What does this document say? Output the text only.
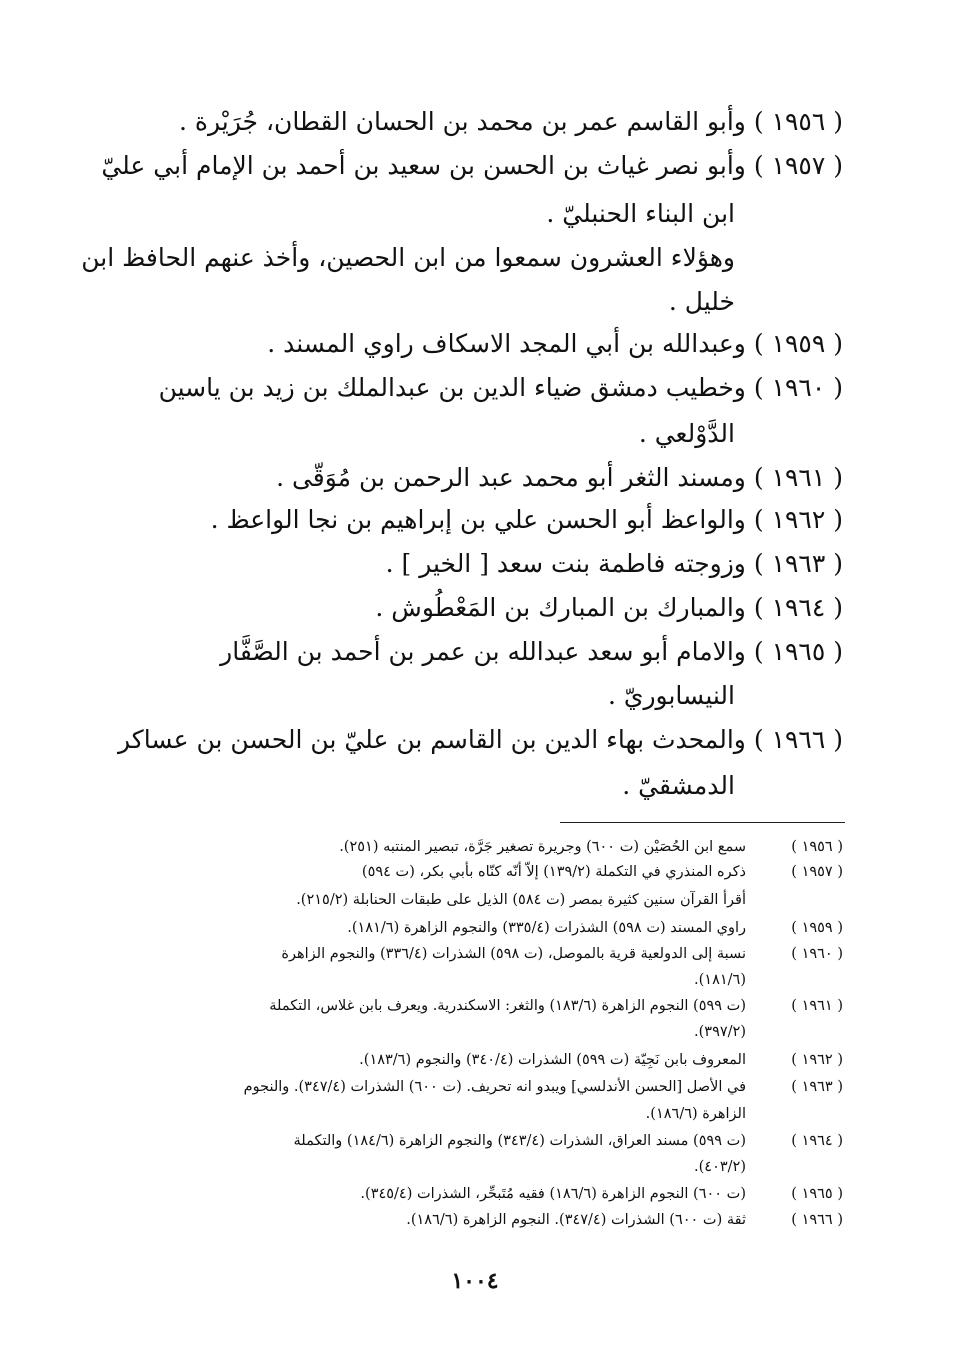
( ١٩٥٦ )وأبو القاسم عمر بن محمد بن الحسان القطان، جُرَيْرة .
( ١٩٥٧ )وأبو نصر غياث بن الحسن بن سعيد بن أحمد بن الإمام أبي عليّ
ابن البناء الحنبليّ .
وهؤلاء العشرون سمعوا من ابن الحصين، وأخذ عنهم الحافظ ابن
خليل .
( ١٩٥٩ )وعبدالله بن أبي المجد الاسكاف راوي المسند .
( ١٩٦٠ )وخطيب دمشق ضياء الدين بن عبدالملك بن زيد بن ياسين
الدَّوْلعي .
( ١٩٦١ )ومسند الثغر أبو محمد عبد الرحمن بن مُوَقّى .
( ١٩٦٢ )والواعظ أبو الحسن علي بن إبراهيم بن نجا الواعظ .
( ١٩٦٣ )وزوجته فاطمة بنت سعد [ الخير ] .
( ١٩٦٤ )والمبارك بن المبارك بن المَعْطُوش .
( ١٩٦٥ )والامام أبو سعد عبدالله بن عمر بن أحمد بن الصَّفَّار
النيسابوريّ .
( ١٩٦٦ )والمحدث بهاء الدين بن القاسم بن عليّ بن الحسن بن عساكر
الدمشقيّ .
( ١٩٥٦ )
سمع ابن الحُصَيْن (ت ٦٠٠) وجريرة تصغير جَرَّة، تبصير المنتبه (٢٥١).
( ١٩٥٧ )
ذكره المنذري في التكملة (١٣٩/٢) إلاّ أنّه كنّاه بأبي بكر، (ت ٥٩٤)
أقرأ القرآن سنين كثيرة بمصر (ت ٥٨٤) الذيل على طبقات الحنابلة (٢١٥/٢).
( ١٩٥٩ )
راوي المسند (ت ٥٩٨) الشذرات (٣٣٥/٤) والنجوم الزاهرة (١٨١/٦).
( ١٩٦٠ )
نسبة إلى الدولعية قرية بالموصل، (ت ٥٩٨) الشذرات (٣٣٦/٤) والنجوم الزاهرة
(١٨١/٦).
( ١٩٦١ )
(ت ٥٩٩) النجوم الزاهرة (١٨٣/٦) والثغر: الاسكندرية. ويعرف بابن غلاس، التكملة
(٣٩٧/٢).
( ١٩٦٢ )
المعروف بابن نَجِيّة (ت ٥٩٩) الشذرات (٣٤٠/٤) والنجوم (١٨٣/٦).
( ١٩٦٣ )
في الأصل [الحسن الأندلسي] ويبدو انه تحريف. (ت ٦٠٠) الشذرات (٣٤٧/٤). والنجوم
الزاهرة (١٨٦/٦).
( ١٩٦٤ )
(ت ٥٩٩) مسند العراق، الشذرات (٣٤٣/٤) والنجوم الزاهرة (١٨٤/٦) والتكملة
(٤٠٣/٢).
( ١٩٦٥ )
(ت ٦٠٠) النجوم الزاهرة (١٨٦/٦) فقيه مُتَبحِّر، الشذرات (٣٤٥/٤).
( ١٩٦٦ )
ثقة (ت ٦٠٠) الشذرات (٣٤٧/٤). النجوم الزاهرة (١٨٦/٦).
١٠٠٤
